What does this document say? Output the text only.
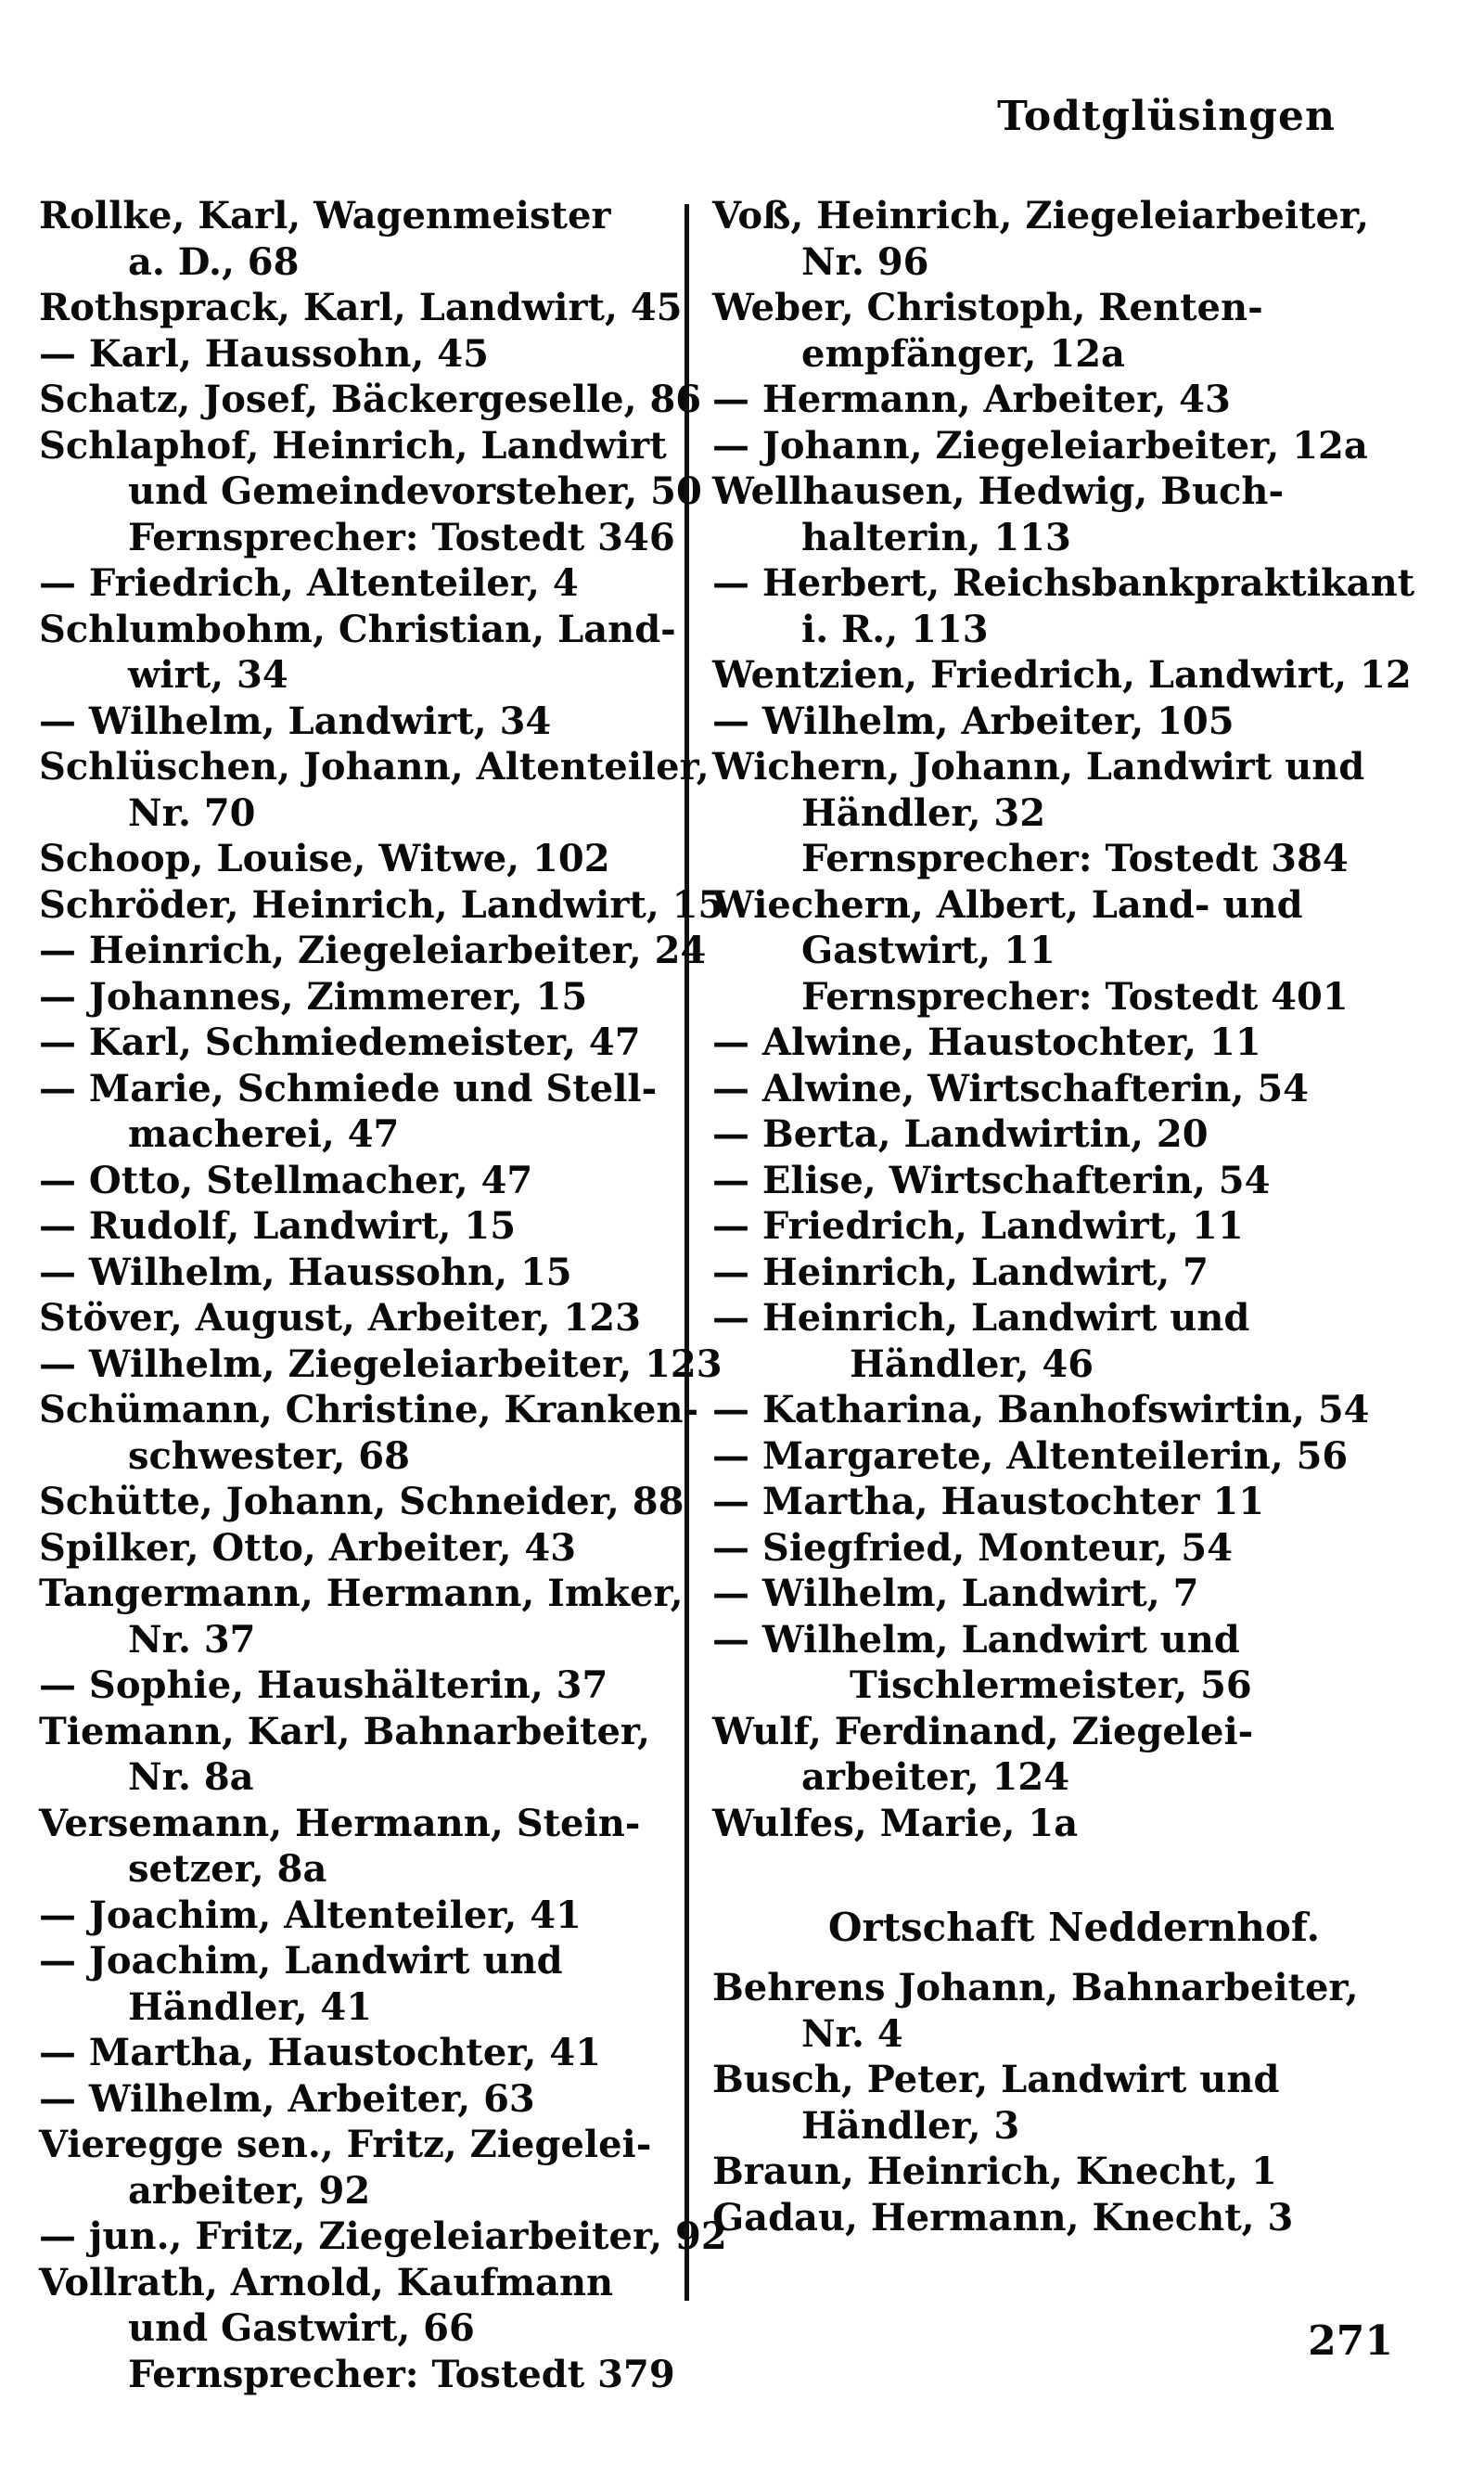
Todtglüsingen
Rollke, Karl, Wagenmeister
a. D., 68
Rothsprack, Karl, Landwirt, 45
— Karl, Haussohn, 45
Schatz, Josef, Bäckergeselle, 86
Schlaphof, Heinrich, Landwirt
und Gemeindevorsteher, 50
Fernsprecher: Tostedt 346
— Friedrich, Altenteiler, 4
Schlumbohm, Christian, Land-
wirt, 34
— Wilhelm, Landwirt, 34
Schlüschen, Johann, Altenteiler,
Nr. 70
Schoop, Louise, Witwe, 102
Schröder, Heinrich, Landwirt, 15
— Heinrich, Ziegeleiarbeiter, 24
— Johannes, Zimmerer, 15
— Karl, Schmiedemeister, 47
— Marie, Schmiede und Stell-
macherei, 47
— Otto, Stellmacher, 47
— Rudolf, Landwirt, 15
— Wilhelm, Haussohn, 15
Stöver, August, Arbeiter, 123
— Wilhelm, Ziegeleiarbeiter, 123
Schümann, Christine, Kranken-
schwester, 68
Schütte, Johann, Schneider, 88
Spilker, Otto, Arbeiter, 43
Tangermann, Hermann, Imker,
Nr. 37
— Sophie, Haushälterin, 37
Tiemann, Karl, Bahnarbeiter,
Nr. 8a
Versemann, Hermann, Stein-
setzer, 8a
— Joachim, Altenteiler, 41
— Joachim, Landwirt und
Händler, 41
— Martha, Haustochter, 41
— Wilhelm, Arbeiter, 63
Vieregge sen., Fritz, Ziegelei-
arbeiter, 92
— jun., Fritz, Ziegeleiarbeiter, 92
Vollrath, Arnold, Kaufmann
und Gastwirt, 66
Fernsprecher: Tostedt 379
Voß, Heinrich, Ziegeleiarbeiter,
Nr. 96
Weber, Christoph, Renten-
empfänger, 12a
— Hermann, Arbeiter, 43
— Johann, Ziegeleiarbeiter, 12a
Wellhausen, Hedwig, Buch-
halterin, 113
— Herbert, Reichsbankpraktikant
i. R., 113
Wentzien, Friedrich, Landwirt, 12
— Wilhelm, Arbeiter, 105
Wichern, Johann, Landwirt und
Händler, 32
Fernsprecher: Tostedt 384
Wiechern, Albert, Land- und
Gastwirt, 11
Fernsprecher: Tostedt 401
— Alwine, Haustochter, 11
— Alwine, Wirtschafterin, 54
— Berta, Landwirtin, 20
— Elise, Wirtschafterin, 54
— Friedrich, Landwirt, 11
— Heinrich, Landwirt, 7
— Heinrich, Landwirt und
Händler, 46
— Katharina, Banhofswirtin, 54
— Margarete, Altenteilerin, 56
— Martha, Haustochter 11
— Siegfried, Monteur, 54
— Wilhelm, Landwirt, 7
— Wilhelm, Landwirt und
Tischlermeister, 56
Wulf, Ferdinand, Ziegelei-
arbeiter, 124
Wulfes, Marie, 1a
Ortschaft Neddernhof.
Behrens Johann, Bahnarbeiter,
Nr. 4
Busch, Peter, Landwirt und
Händler, 3
Braun, Heinrich, Knecht, 1
Gadau, Hermann, Knecht, 3
271
